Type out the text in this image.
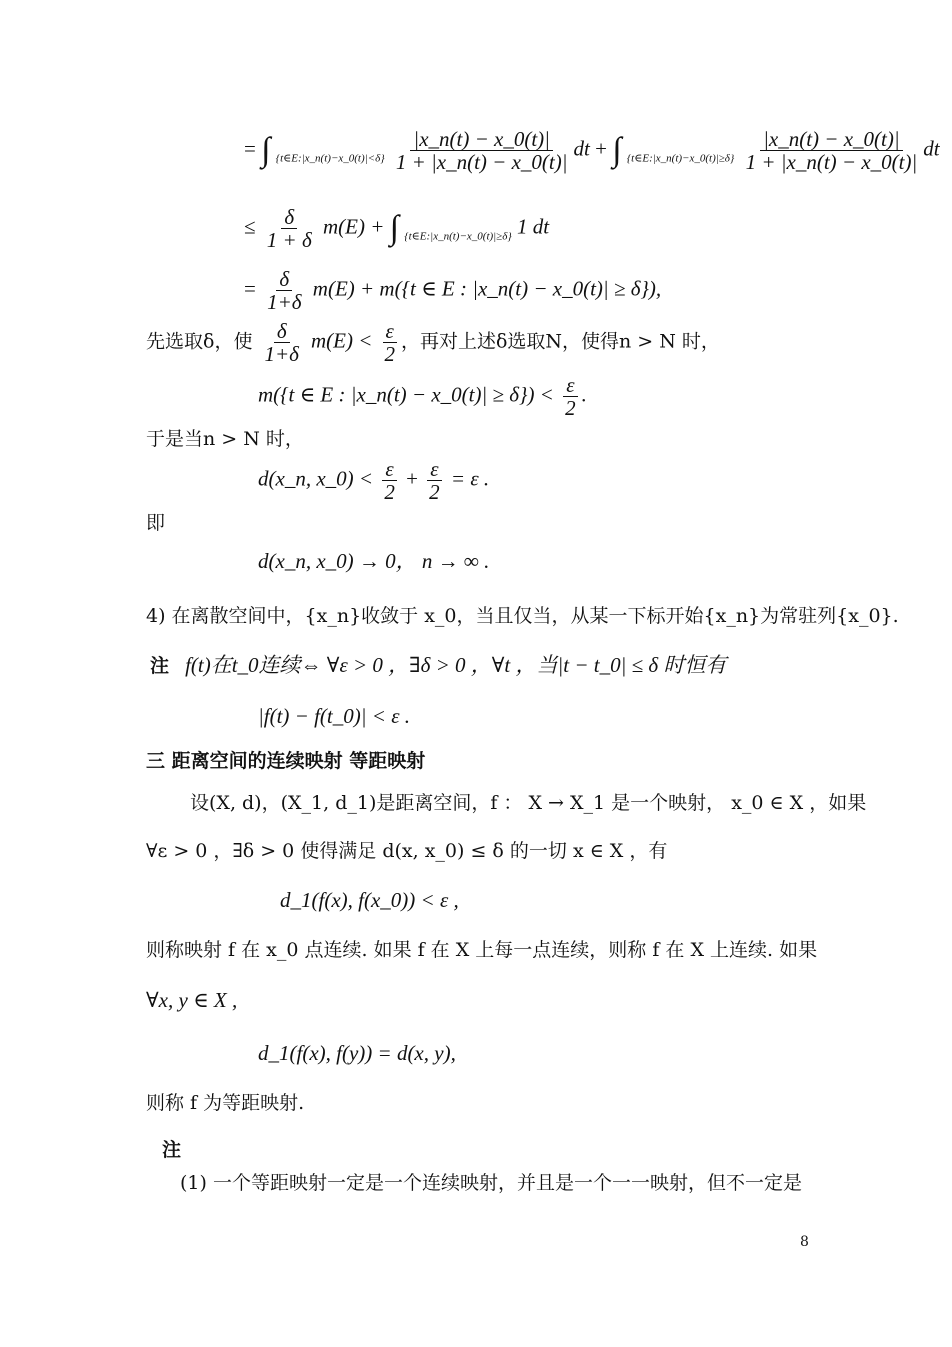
= ∫ $_{\{t\in E:|x\_n(t)-x\_0(t)|<\delta\}} \frac{|x\_n(t) - x\_0(t)|}{1 + |x\_n(t) - x\_0(t)|}$ dt + ∫ $_{\{t\in E:|x\_n(t)-x\_0(t)|\ge\delta\}} \frac{|x\_n(t) - x\_0(t)|}{1 + |x\_n(t) - x\_0(t)|}$ dt
≤ $\frac{\delta}{1 + \delta} m(E)$ + ∫ $_{\{t\in E:|x\_n(t)-x\_0(t)|\ge\delta\}}$ 1 dt
= $\frac{\delta}{1+\delta} m(E) + m(\{t$ ∈ E : |x_n(t) − x_0(t)| ≥ δ}),
先选取δ，使 $\frac{\delta}{1+\delta} m(E) < \frac{\varepsilon}{2}$ ，再对上述δ选取N，使得n > N 时，
m({t ∈ E : |x_n(t) − x_0(t)| ≥ $\delta\}) < \frac{\varepsilon}{2}$ .
于是当n > N 时，
d(x_n, x_0) < $\frac{\varepsilon}{2} + \frac{\varepsilon}{2} = \varepsilon$ .
即
d(x_n, x_0) → 0， n → ∞ .
4) 在离散空间中，{x_n}收敛于 x_0，当且仅当，从某一下标开始{x_n}为常驻列{x_0}.
注 f(t)在t_0连续⇔ ∀ε > 0 ，∃δ > 0 ，∀t ，当|t − t_0| ≤ δ 时恒有
|f(t) − f(t_0)| < ε .
三 距离空间的连续映射 等距映射
设(X, d)，(X_1, d_1)是距离空间，f ： X → X_1 是一个映射， x_0 ∈ X ，如果
∀ε > 0 ，∃δ > 0 使得满足 d(x, x_0) ≤ δ 的一切 x ∈ X ，有
d_1(f(x), f(x_0)) < ε ,
则称映射 f 在 x_0 点连续. 如果 f 在 X 上每一点连续，则称 f 在 X 上连续. 如果
∀x, y ∈ X ,
d_1(f(x), f(y)) = d(x, y),
则称 f 为等距映射.
注
(1) 一个等距映射一定是一个连续映射，并且是一个一一映射，但不一定是
8
